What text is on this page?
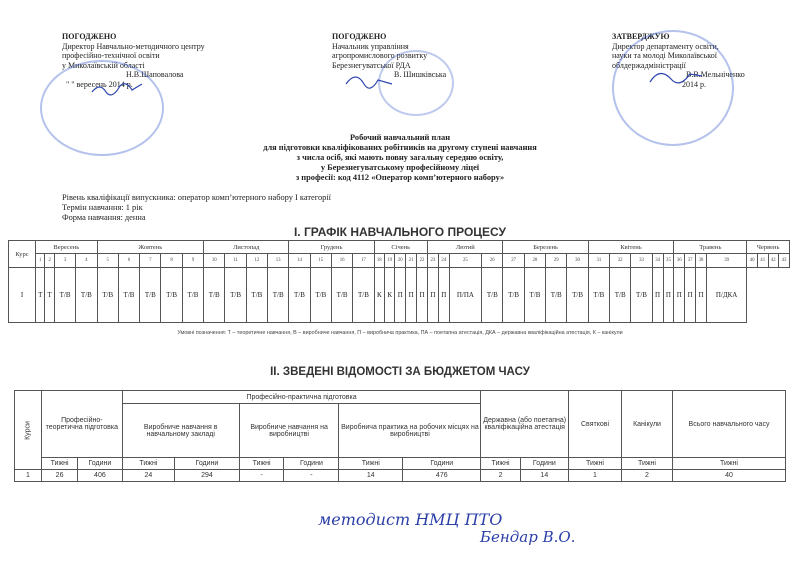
ПОГОДЖЕНО
Директор Навчально-методичного центру
професійно-технічної освіти
у Миколаївській області
Н.В.Шаповалова
" " вересень 2014 р.
ПОГОДЖЕНО
Начальник управління
агропромислового розвитку
Березнегуватської РДА
В. Шишківська
ЗАТВЕРДЖУЮ
Директор департаменту освіти,
науки та молоді Миколаївської
облдержадміністрації
В.В.Мельніченко
2014 р.
Робочий навчальний план
для підготовки кваліфікованих робітників на другому ступені навчання
з числа осіб, які мають повну загальну середню освіту,
у Березнегуватському професійному ліцеї
з професії: код 4112 «Оператор комп’ютерного набору»
Рівень кваліфікації випускника: оператор комп’ютерного набору І категорії
Термін навчання: 1 рік
Форма навчання: денна
І. ГРАФІК НАВЧАЛЬНОГО ПРОЦЕСУ
Курс	Вересень				Жовтень					Листопад				Грудень				Січень					Лютий				Березень				Квітень					Травень				Червень			
	1	2	3	4	5	6	7	8	9	10	11	12	13	14	15	16	17	18	19	20	21	22	23	24	25	26	27	28	29	30	31	32	33	34	35	36	37	38	39	40	41	42	43
І	Т	Т	Т/В	Т/В	Т/В	Т/В	Т/В	Т/В	Т/В	Т/В	Т/В	Т/В	Т/В	Т/В	Т/В	Т/В	Т/В	К	К	П	П	П	П	П	П/ПА	Т/В	Т/В	Т/В	Т/В	Т/В	Т/В	Т/В	Т/В	П	П	П	П	П	П/ДКА				
Умовні позначення: Т – теоретичне навчання, В – виробниче навчання, П – виробнича практика, ПА – поетапна атестація, ДКА – державна кваліфікаційна атестація, К – канікули
ІІ. ЗВЕДЕНІ ВІДОМОСТІ ЗА БЮДЖЕТОМ ЧАСУ
Курси	Професійно-теоретична підготовка		Професійно-практична підготовка						Державна (або поетапна) кваліфікаційна атестація		Святкові	Канікули	Всього навчального часу
			Виробниче навчання в навчальному закладі		Виробниче навчання на виробництві		Виробнича практика на робочих місцях на виробництві						
	Тижні	Години	Тижні	Години	Тижні	Години	Тижні	Години	Тижні	Години	Тижні	Тижні	Тижні
1	26	406	24	294	-	-	14	476	2	14	1	2	40
методист НМЦ ПТО
Бендар В.О.
